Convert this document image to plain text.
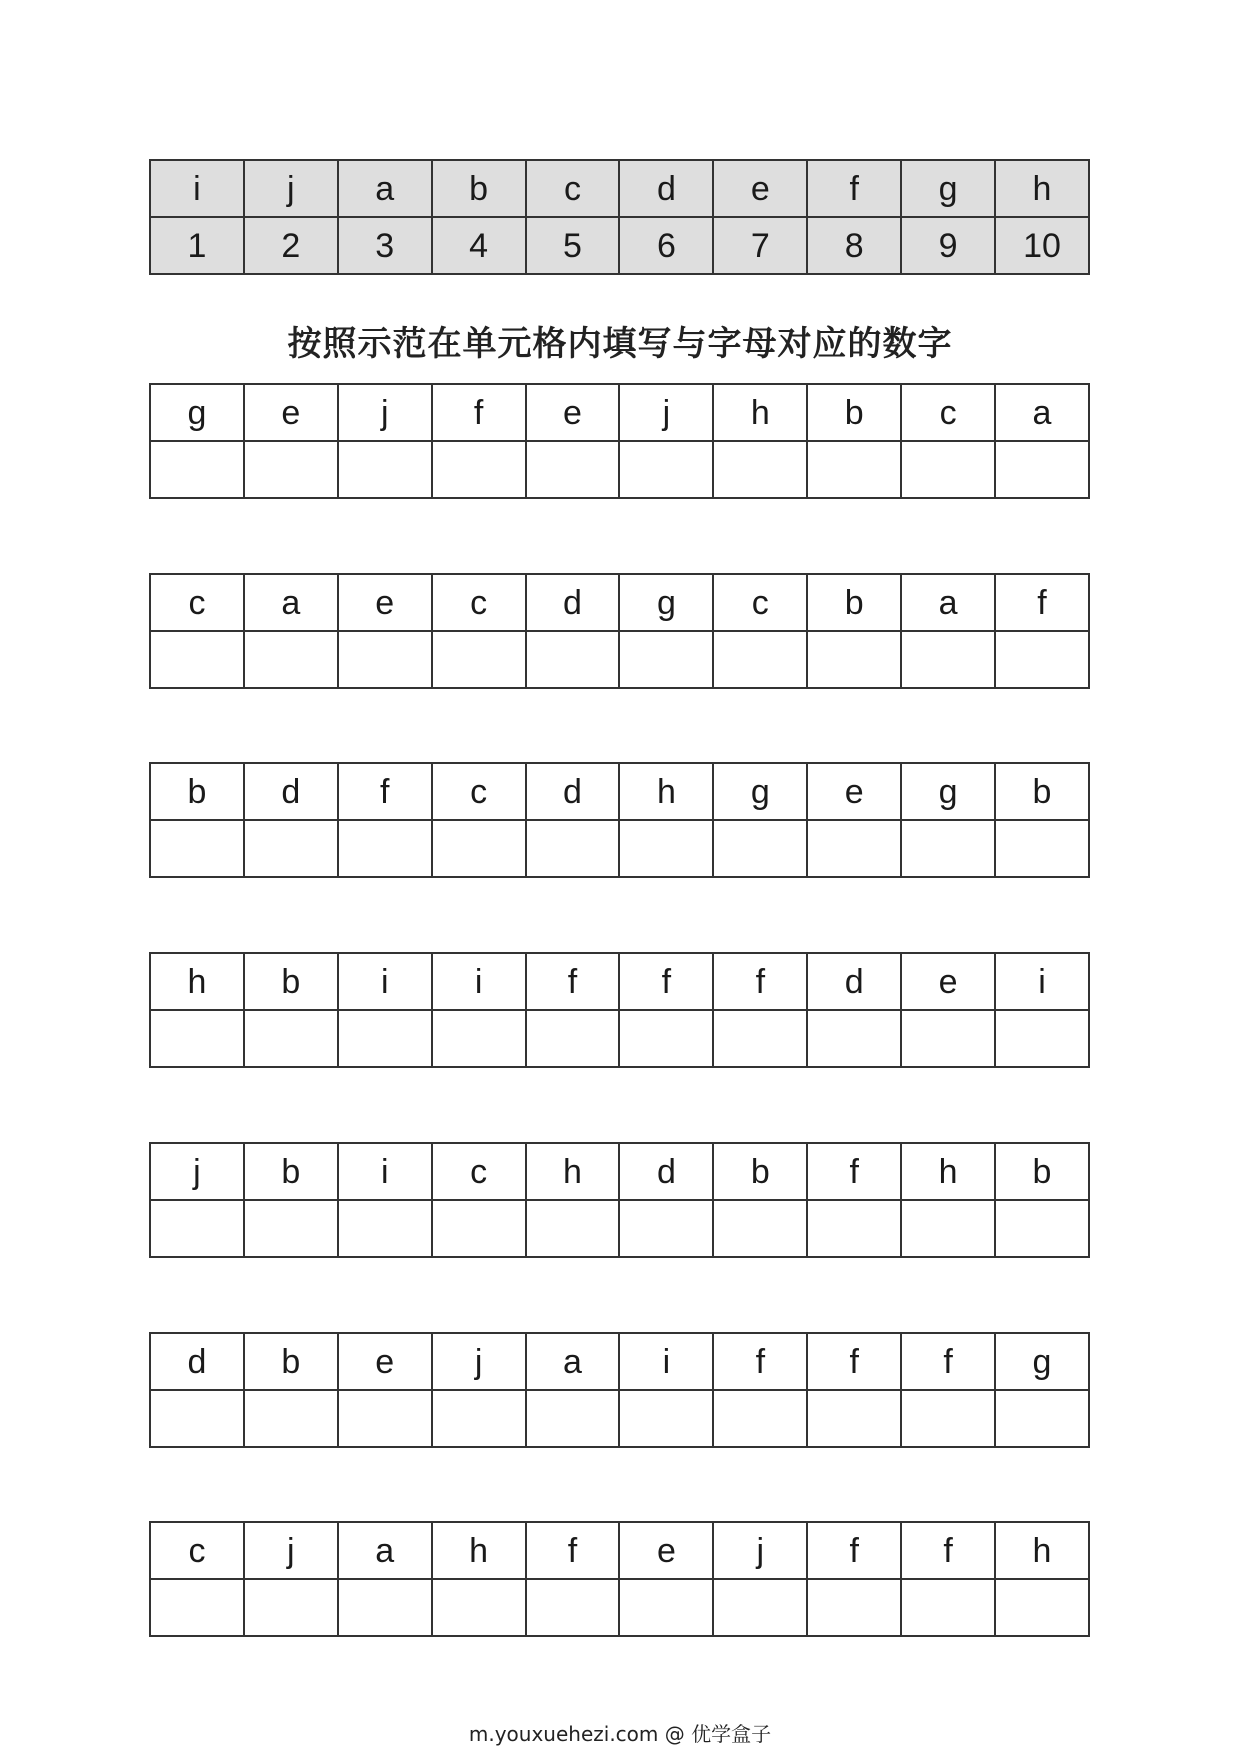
i	j	a	b	c	d	e	f	g	h
1	2	3	4	5	6	7	8	9	10
按照示范在单元格内填写与字母对应的数字
g	e	j	f	e	j	h	b	c	a

c	a	e	c	d	g	c	b	a	f

b	d	f	c	d	h	g	e	g	b

h	b	i	i	f	f	f	d	e	i

j	b	i	c	h	d	b	f	h	b

d	b	e	j	a	i	f	f	f	g

c	j	a	h	f	e	j	f	f	h

m.youxuehezi.com @ 优学盒子
